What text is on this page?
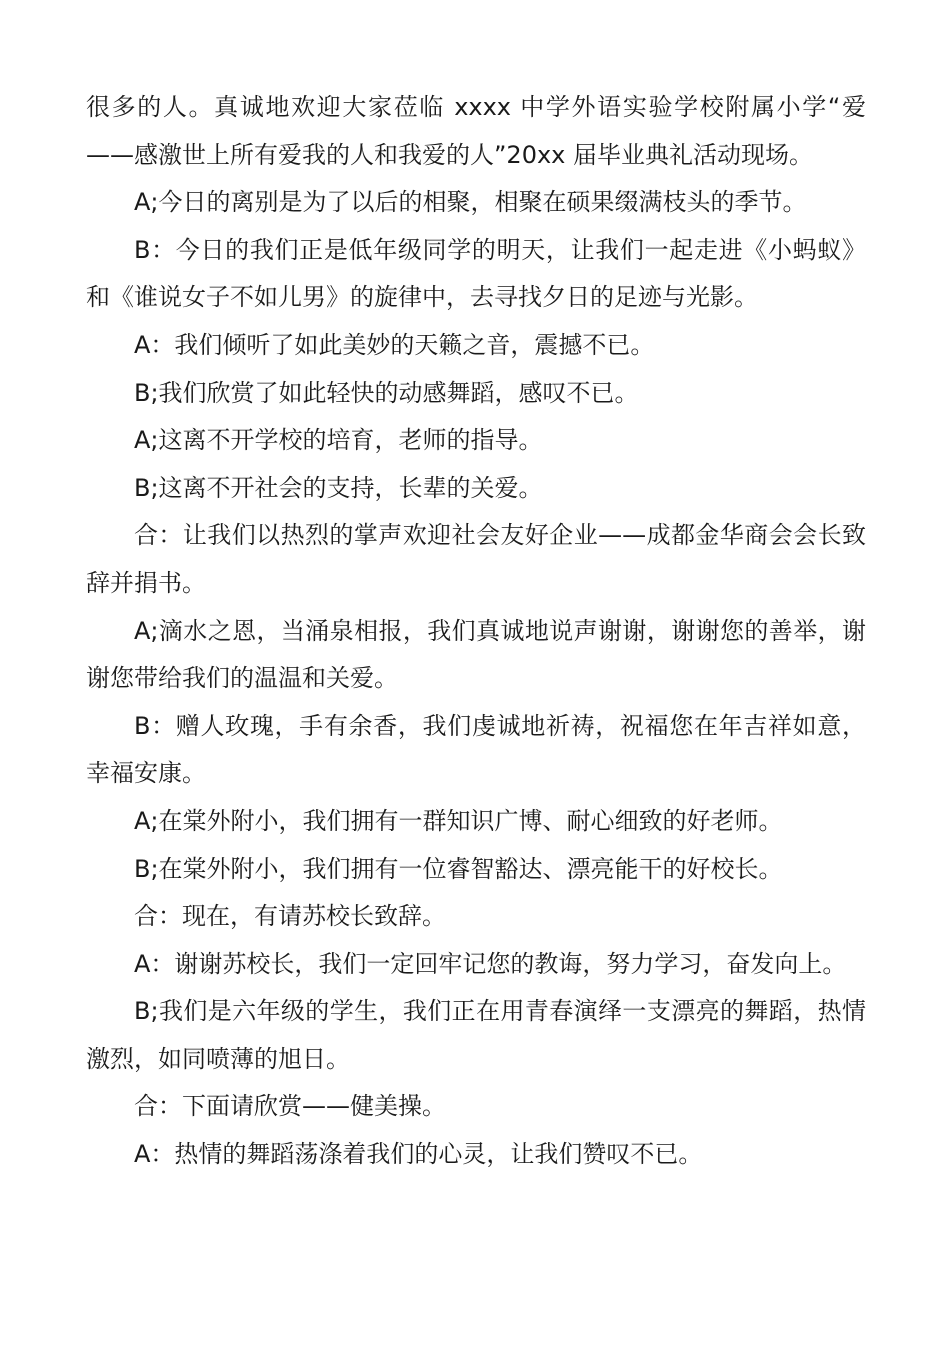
很多的人。真诚地欢迎大家莅临 xxxx 中学外语实验学校附属小学“爱——感激世上所有爱我的人和我爱的人”20xx 届毕业典礼活动现场。

A;今日的离别是为了以后的相聚，相聚在硕果缀满枝头的季节。

B：今日的我们正是低年级同学的明天，让我们一起走进《小蚂蚁》和《谁说女子不如儿男》的旋律中，去寻找夕日的足迹与光影。

A：我们倾听了如此美妙的天籁之音，震撼不已。

B;我们欣赏了如此轻快的动感舞蹈，感叹不已。

A;这离不开学校的培育，老师的指导。

B;这离不开社会的支持，长辈的关爱。

合：让我们以热烈的掌声欢迎社会友好企业——成都金华商会会长致辞并捐书。

A;滴水之恩，当涌泉相报，我们真诚地说声谢谢，谢谢您的善举，谢谢您带给我们的温温和关爱。

B：赠人玫瑰，手有余香，我们虔诚地祈祷，祝福您在年吉祥如意，幸福安康。

A;在棠外附小，我们拥有一群知识广博、耐心细致的好老师。

B;在棠外附小，我们拥有一位睿智豁达、漂亮能干的好校长。

合：现在，有请苏校长致辞。

A：谢谢苏校长，我们一定回牢记您的教诲，努力学习，奋发向上。

B;我们是六年级的学生，我们正在用青春演绎一支漂亮的舞蹈，热情激烈，如同喷薄的旭日。

合：下面请欣赏——健美操。

A：热情的舞蹈荡涤着我们的心灵，让我们赞叹不已。
